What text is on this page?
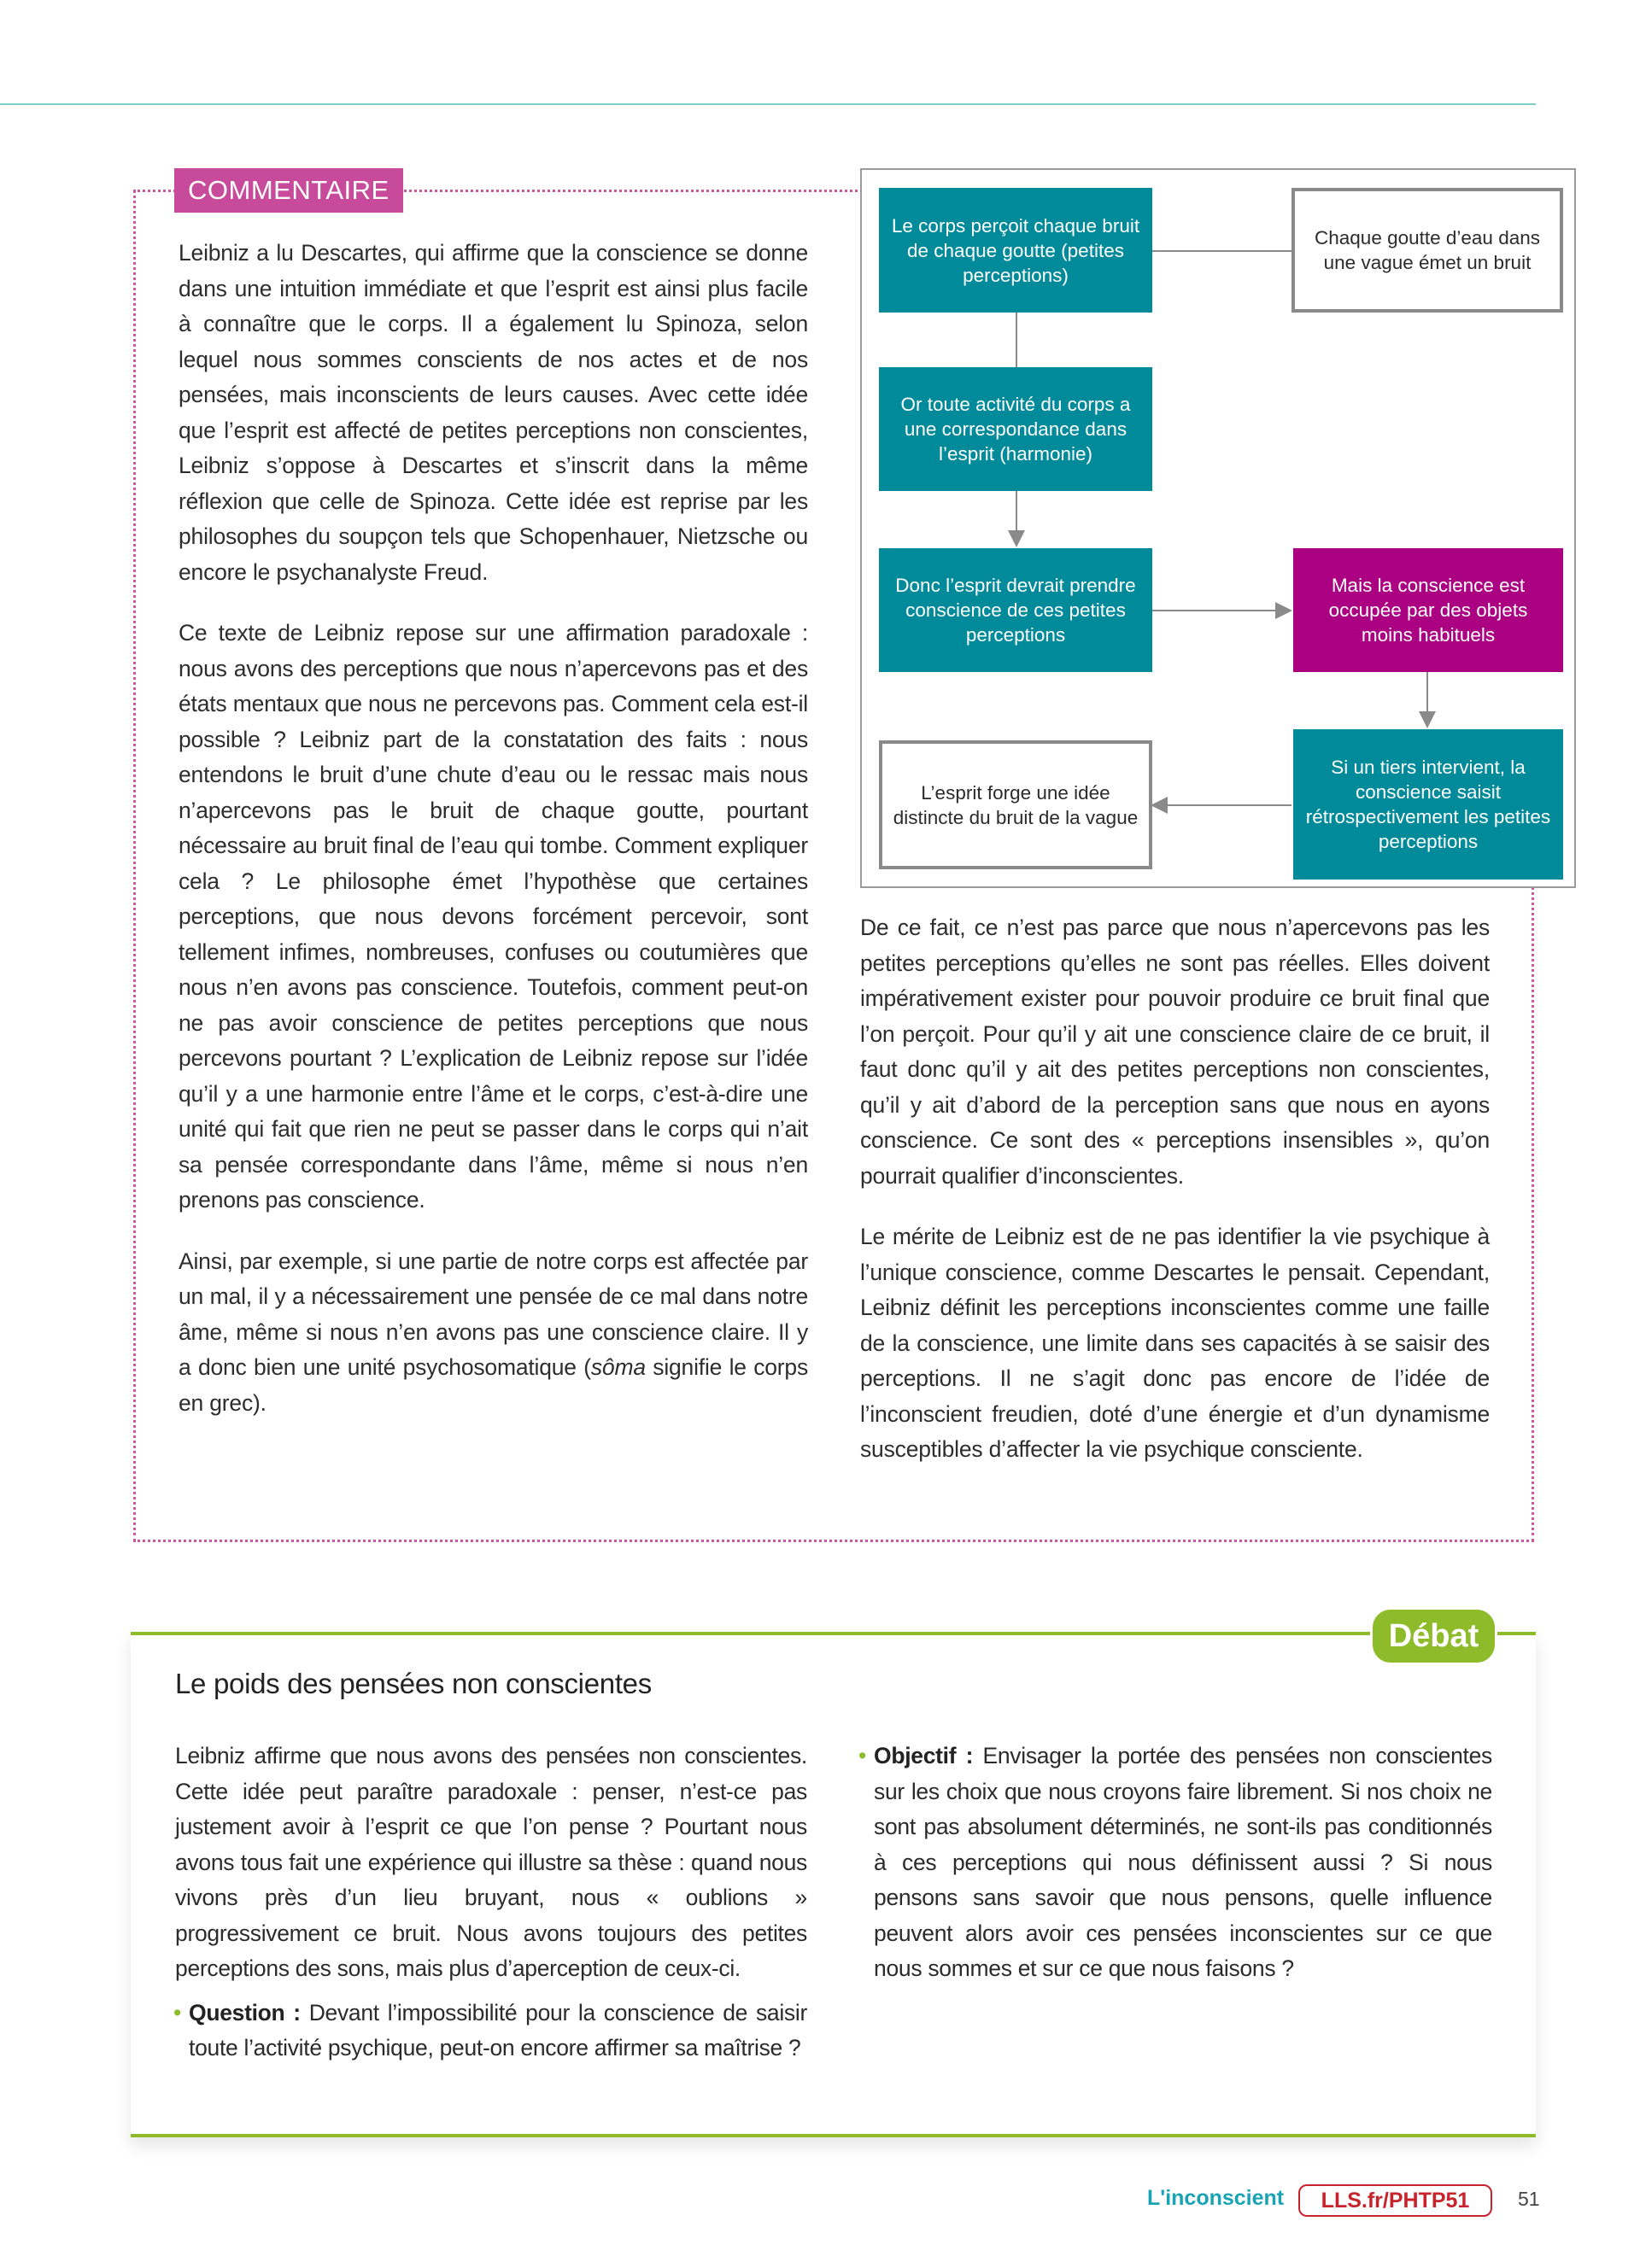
COMMENTAIRE

Leibniz a lu Descartes, qui affirme que la conscience se donne dans une intuition immédiate et que l’esprit est ainsi plus facile à connaître que le corps. Il a également lu Spinoza, selon lequel nous sommes conscients de nos actes et de nos pensées, mais inconscients de leurs causes. Avec cette idée que l’esprit est affecté de petites perceptions non conscientes, Leibniz s’oppose à Descartes et s’inscrit dans la même réflexion que celle de Spinoza. Cette idée est reprise par les philosophes du soupçon tels que Schopenhauer, Nietzsche ou encore le psychanalyste Freud.

Ce texte de Leibniz repose sur une affirmation paradoxale : nous avons des perceptions que nous n’apercevons pas et des états mentaux que nous ne percevons pas. Comment cela est-il possible ? Leibniz part de la constatation des faits : nous entendons le bruit d’une chute d’eau ou le ressac mais nous n’apercevons pas le bruit de chaque goutte, pourtant nécessaire au bruit final de l’eau qui tombe. Comment expliquer cela ? Le philosophe émet l’hypothèse que certaines perceptions, que nous devons forcément percevoir, sont tellement infimes, nombreuses, confuses ou coutumières que nous n’en avons pas conscience. Toutefois, comment peut-on ne pas avoir conscience de petites perceptions que nous percevons pourtant ? L’explication de Leibniz repose sur l’idée qu’il y a une harmonie entre l’âme et le corps, c’est-à-dire une unité qui fait que rien ne peut se passer dans le corps qui n’ait sa pensée correspondante dans l’âme, même si nous n’en prenons pas conscience.

Ainsi, par exemple, si une partie de notre corps est affectée par un mal, il y a nécessairement une pensée de ce mal dans notre âme, même si nous n’en avons pas une conscience claire. Il y a donc bien une unité psychosomatique (sôma signifie le corps en grec).

Le corps perçoit chaque bruit de chaque goutte (petites perceptions)
Chaque goutte d’eau dans une vague émet un bruit
Or toute activité du corps a une correspondance dans l’esprit (harmonie)
Donc l’esprit devrait prendre conscience de ces petites perceptions
Mais la conscience est occupée par des objets moins habituels
Si un tiers intervient, la conscience saisit rétrospectivement les petites perceptions
L’esprit forge une idée distincte du bruit de la vague

De ce fait, ce n’est pas parce que nous n’apercevons pas les petites perceptions qu’elles ne sont pas réelles. Elles doivent impérativement exister pour pouvoir produire ce bruit final que l’on perçoit. Pour qu’il y ait une conscience claire de ce bruit, il faut donc qu’il y ait des petites perceptions non conscientes, qu’il y ait d’abord de la perception sans que nous en ayons conscience. Ce sont des « perceptions insensibles », qu’on pourrait qualifier d’inconscientes.

Le mérite de Leibniz est de ne pas identifier la vie psychique à l’unique conscience, comme Descartes le pensait. Cependant, Leibniz définit les perceptions inconscientes comme une faille de la conscience, une limite dans ses capacités à se saisir des perceptions. Il ne s’agit donc pas encore de l’idée de l’inconscient freudien, doté d’une énergie et d’un dynamisme susceptibles d’affecter la vie psychique consciente.

Débat
Le poids des pensées non conscientes

Leibniz affirme que nous avons des pensées non conscientes. Cette idée peut paraître paradoxale : penser, n’est-ce pas justement avoir à l’esprit ce que l’on pense ? Pourtant nous avons tous fait une expérience qui illustre sa thèse : quand nous vivons près d’un lieu bruyant, nous « oublions » progressivement ce bruit. Nous avons toujours des petites perceptions des sons, mais plus d’aperception de ceux-ci.

• Question : Devant l’impossibilité pour la conscience de saisir toute l’activité psychique, peut-on encore affirmer sa maîtrise ?

• Objectif : Envisager la portée des pensées non conscientes sur les choix que nous croyons faire librement. Si nos choix ne sont pas absolument déterminés, ne sont-ils pas conditionnés à ces perceptions qui nous définissent aussi ? Si nous pensons sans savoir que nous pensons, quelle influence peuvent alors avoir ces pensées inconscientes sur ce que nous sommes et sur ce que nous faisons ?

L'inconscient	LLS.fr/PHTP51	51
